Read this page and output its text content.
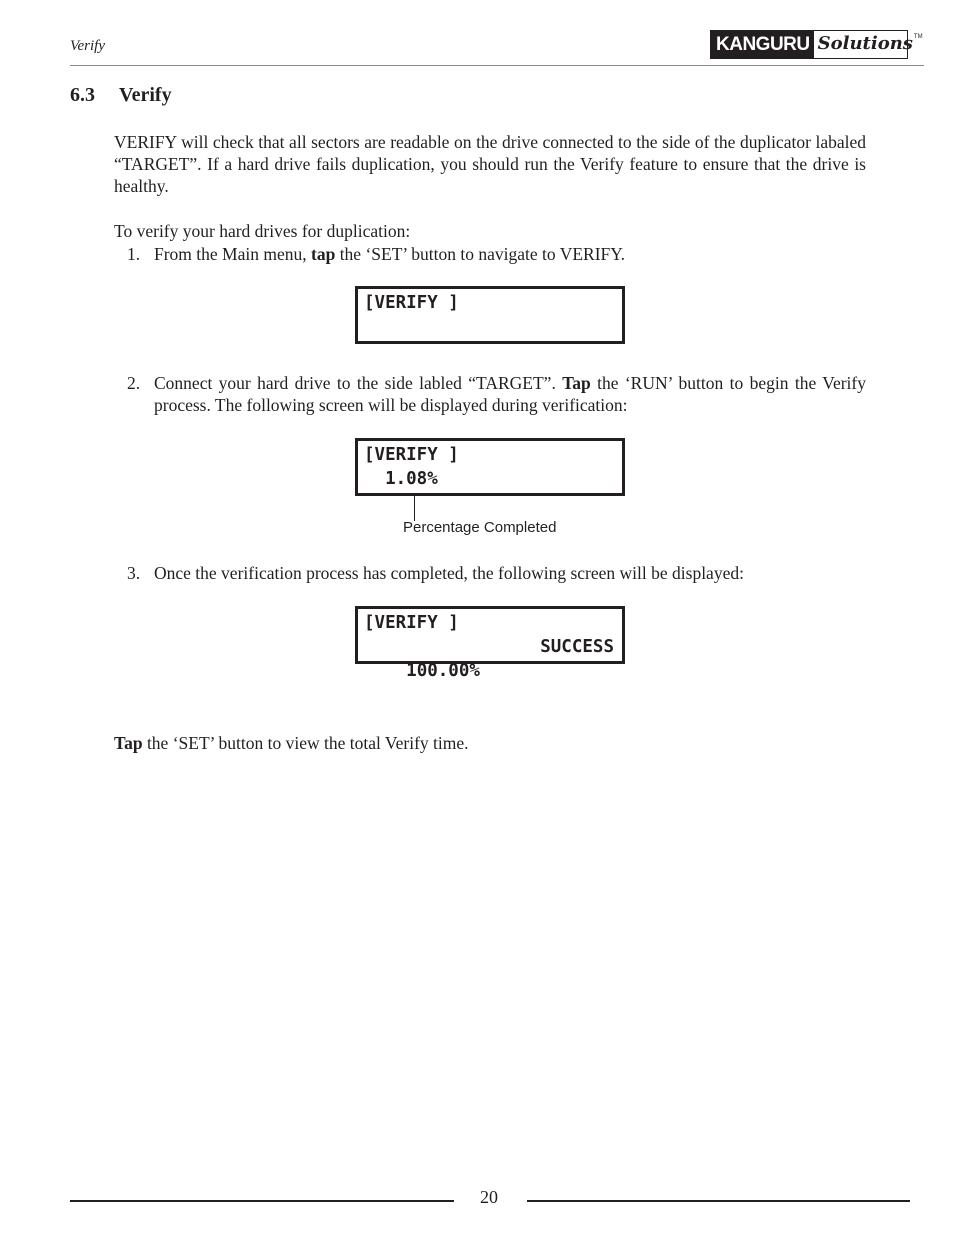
Verify	KANGURU Solutions TM
6.3 Verify
VERIFY will check that all sectors are readable on the drive connected to the side of the duplicator labaled “TARGET”. If a hard drive fails duplication, you should run the Verify feature to ensure that the drive is healthy.
To verify your hard drives for duplication:
1. From the Main menu, tap the ‘SET’ button to navigate to VERIFY.
[VERIFY ]
2. Connect your hard drive to the side labled “TARGET”. Tap the ‘RUN’ button to begin the Verify process. The following screen will be displayed during verification:
[VERIFY ]
1.08%
Percentage Completed
3. Once the verification process has completed, the following screen will be displayed:
[VERIFY ]

100.00%

SUCCESS

Tap the ‘SET’ button to view the total Verify time.
20
